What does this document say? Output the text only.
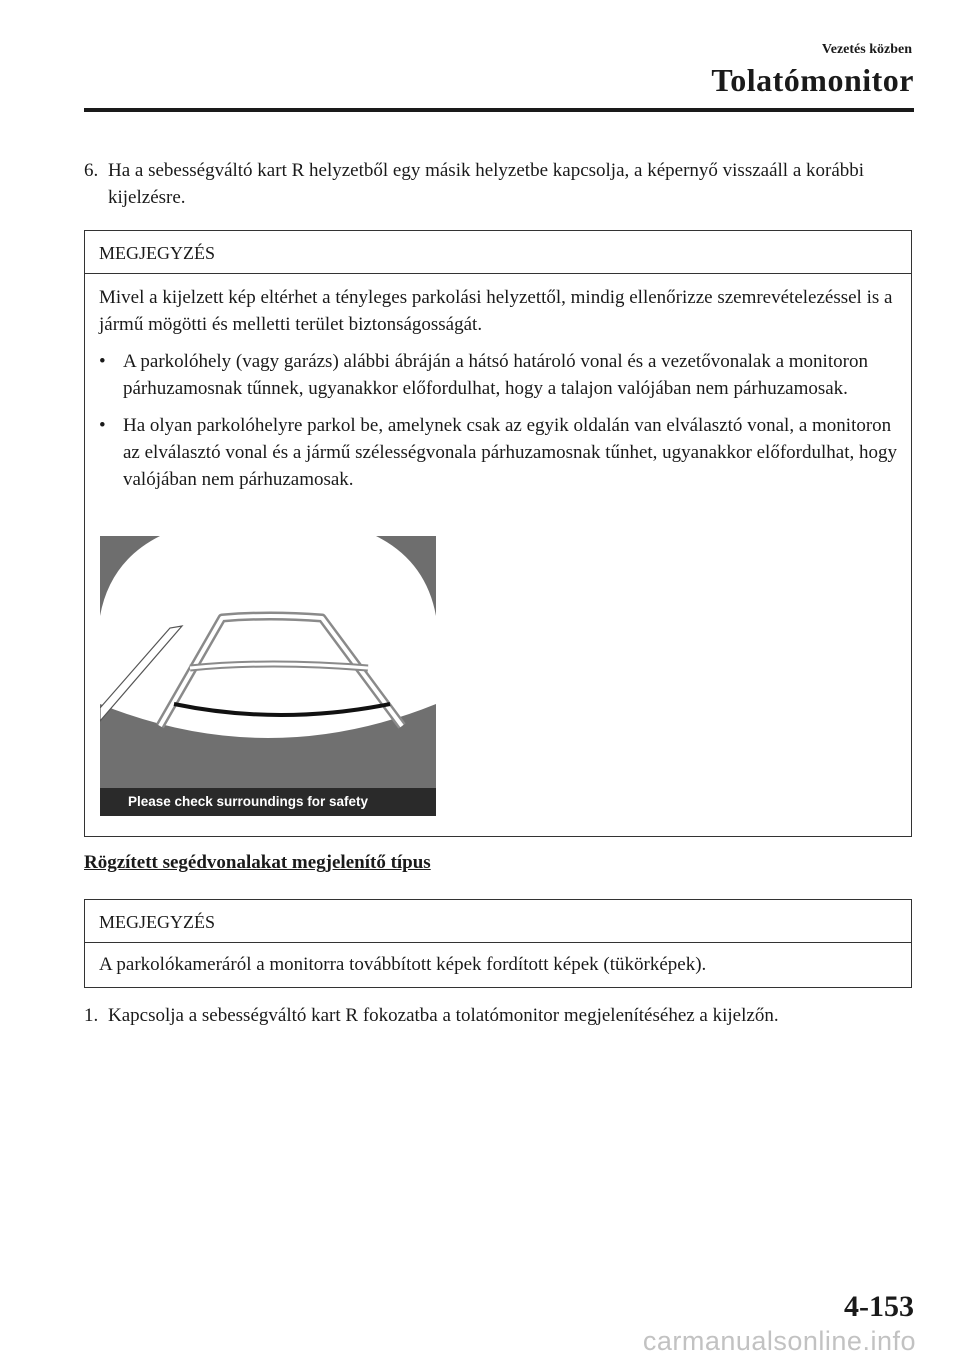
Vezetés közben
Tolatómonitor
6. Ha a sebességváltó kart R helyzetből egy másik helyzetbe kapcsolja, a képernyő visszaáll a korábbi kijelzésre.
MEGJEGYZÉS

Mivel a kijelzett kép eltérhet a tényleges parkolási helyzettől, mindig ellenőrizze szemrevételezéssel is a jármű mögötti és melletti terület biztonságosságát.

• A parkolóhely (vagy garázs) alábbi ábráján a hátsó határoló vonal és a vezetővonalak a monitoron párhuzamosnak tűnnek, ugyanakkor előfordulhat, hogy a talajon valójában nem párhuzamosak.
• Ha olyan parkolóhelyre parkol be, amelynek csak az egyik oldalán van elválasztó vonal, a monitoron az elválasztó vonal és a jármű szélességvonala párhuzamosnak tűnhet, ugyanakkor előfordulhat, hogy valójában nem párhuzamosak.
Please check surroundings for safety
Rögzített segédvonalakat megjelenítő típus
MEGJEGYZÉS
A parkolókameráról a monitorra továbbított képek fordított képek (tükörképek).
1. Kapcsolja a sebességváltó kart R fokozatba a tolatómonitor megjelenítéséhez a kijelzőn.
4-153
carmanualsonline.info
